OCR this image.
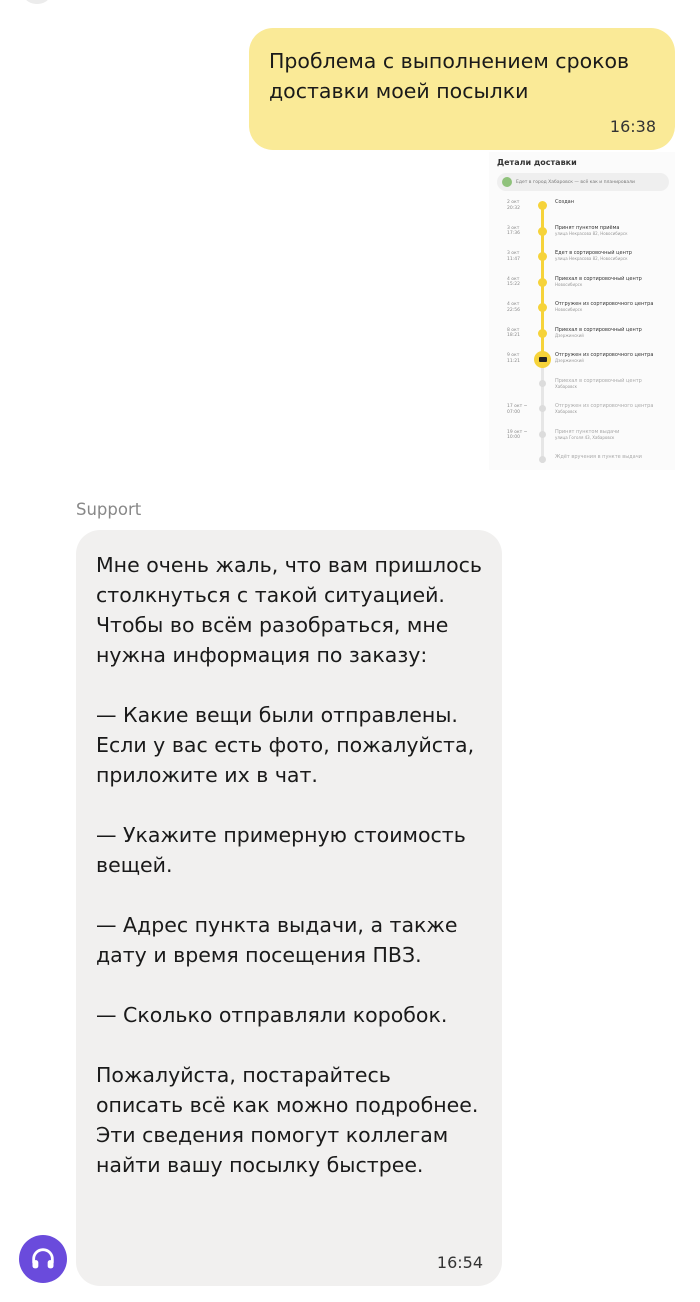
Проблема с выполнением сроков доставки моей посылки
16:38
Детали доставки
Едет в город Хабаровск — всё как и планировали
2 окт 20:32
Создан
3 окт 17:36
Принят пунктом приёма
улица Некрасова 82, Новосибирск
3 окт 11:47
Едет в сортировочный центр
улица Некрасова 82, Новосибирск
4 окт 15:22
Приехал в сортировочный центр
Новосибирск
4 окт 22:56
Отгружен из сортировочного центра
Новосибирск
8 окт 18:21
Приехал в сортировочный центр
Дзержинский
9 окт 11:21
Отгружен из сортировочного центра
Дзержинский
Приехал в сортировочный центр
Хабаровск
17 окт ~ 07:00
Отгружен из сортировочного центра
Хабаровск
19 окт ~ 10:00
Принят пунктом выдачи
улица Гоголя 43, Хабаровск
Ждёт вручения в пункте выдачи
Support

Мне очень жаль, что вам пришлось столкнуться с такой ситуацией. Чтобы во всём разобраться, мне нужна информация по заказу:

— Какие вещи были отправлены. Если у вас есть фото, пожалуйста, приложите их в чат.

— Укажите примерную стоимость вещей.

— Адрес пункта выдачи, а также дату и время посещения ПВЗ.

— Сколько отправляли коробок.

Пожалуйста, постарайтесь описать всё как можно подробнее. Эти сведения помогут коллегам найти вашу посылку быстрее.

16:54
